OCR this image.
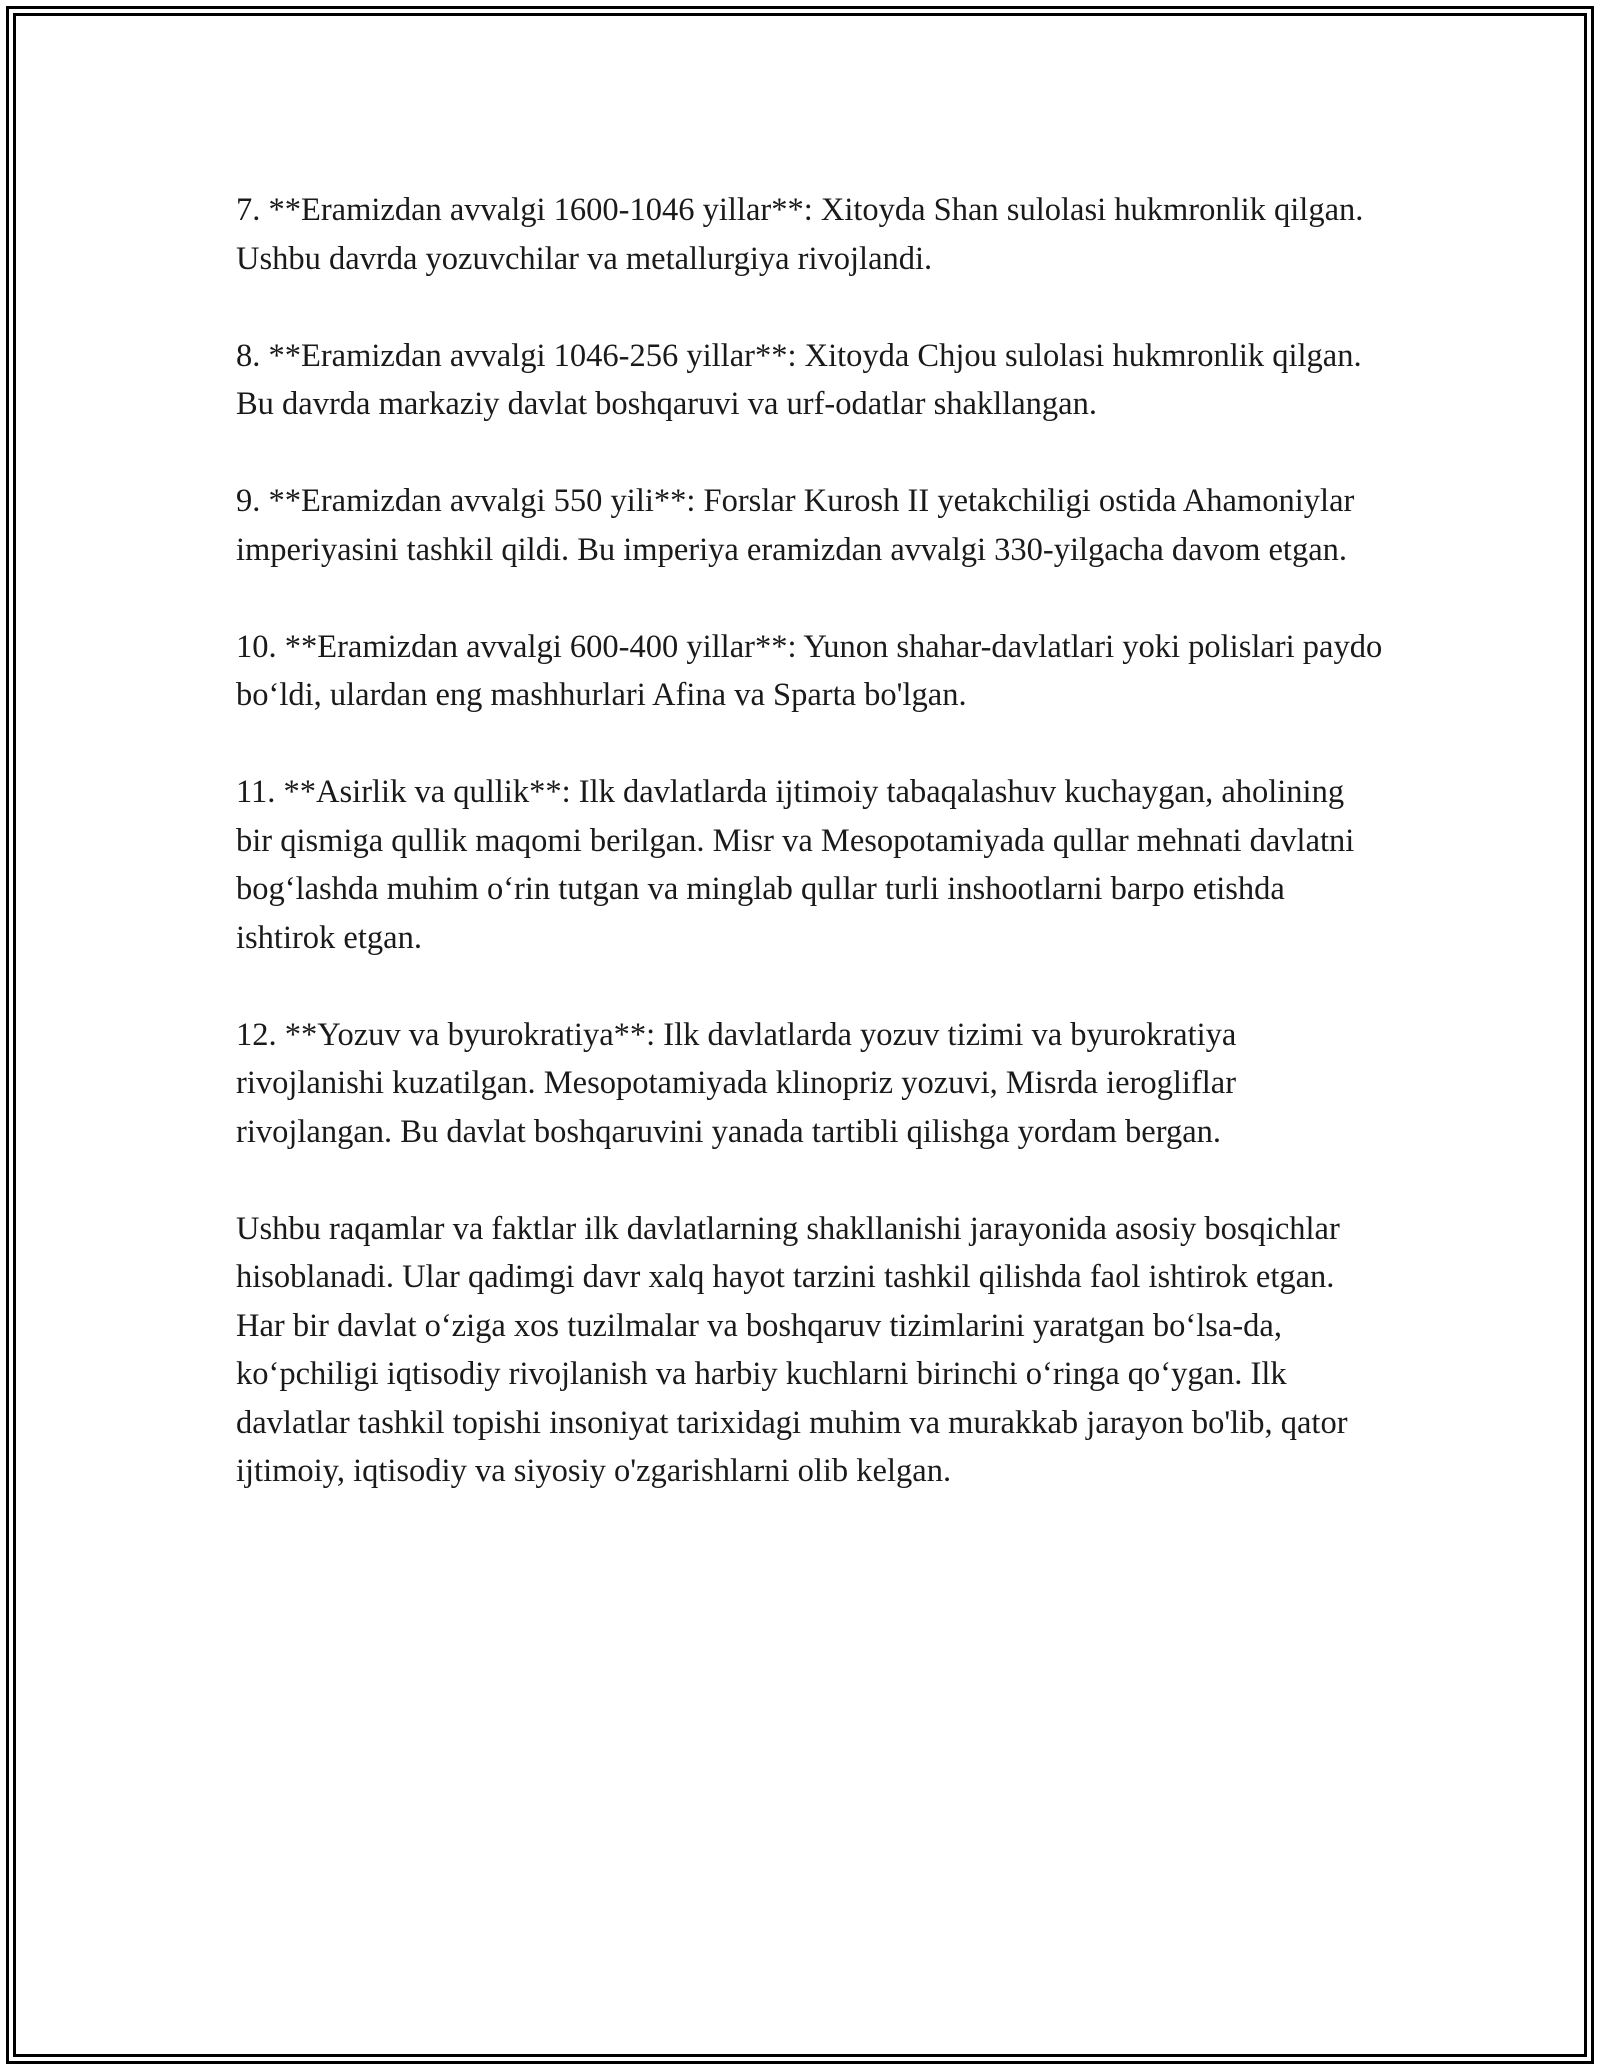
7. **Eramizdan avvalgi 1600-1046 yillar**: Xitoyda Shan sulolasi hukmronlik qilgan. Ushbu davrda yozuvchilar va metallurgiya rivojlandi.

8. **Eramizdan avvalgi 1046-256 yillar**: Xitoyda Chjou sulolasi hukmronlik qilgan. Bu davrda markaziy davlat boshqaruvi va urf-odatlar shakllangan.

9. **Eramizdan avvalgi 550 yili**: Forslar Kurosh II yetakchiligi ostida Ahamoniylar imperiyasini tashkil qildi. Bu imperiya eramizdan avvalgi 330-yilgacha davom etgan.

10. **Eramizdan avvalgi 600-400 yillar**: Yunon shahar-davlatlari yoki polislari paydo bo‘ldi, ulardan eng mashhurlari Afina va Sparta bo'lgan.

11. **Asirlik va qullik**: Ilk davlatlarda ijtimoiy tabaqalashuv kuchaygan, aholining bir qismiga qullik maqomi berilgan. Misr va Mesopotamiyada qullar mehnati davlatni bog‘lashda muhim o‘rin tutgan va minglab qullar turli inshootlarni barpo etishda ishtirok etgan.

12. **Yozuv va byurokratiya**: Ilk davlatlarda yozuv tizimi va byurokratiya rivojlanishi kuzatilgan. Mesopotamiyada klinopriz yozuvi, Misrda ierogliflar rivojlangan. Bu davlat boshqaruvini yanada tartibli qilishga yordam bergan.

Ushbu raqamlar va faktlar ilk davlatlarning shakllanishi jarayonida asosiy bosqichlar hisoblanadi. Ular qadimgi davr xalq hayot tarzini tashkil qilishda faol ishtirok etgan. Har bir davlat o‘ziga xos tuzilmalar va boshqaruv tizimlarini yaratgan bo‘lsa-da, ko‘pchiligi iqtisodiy rivojlanish va harbiy kuchlarni birinchi o‘ringa qo‘ygan. Ilk davlatlar tashkil topishi insoniyat tarixidagi muhim va murakkab jarayon bo'lib, qator ijtimoiy, iqtisodiy va siyosiy o'zgarishlarni olib kelgan.
